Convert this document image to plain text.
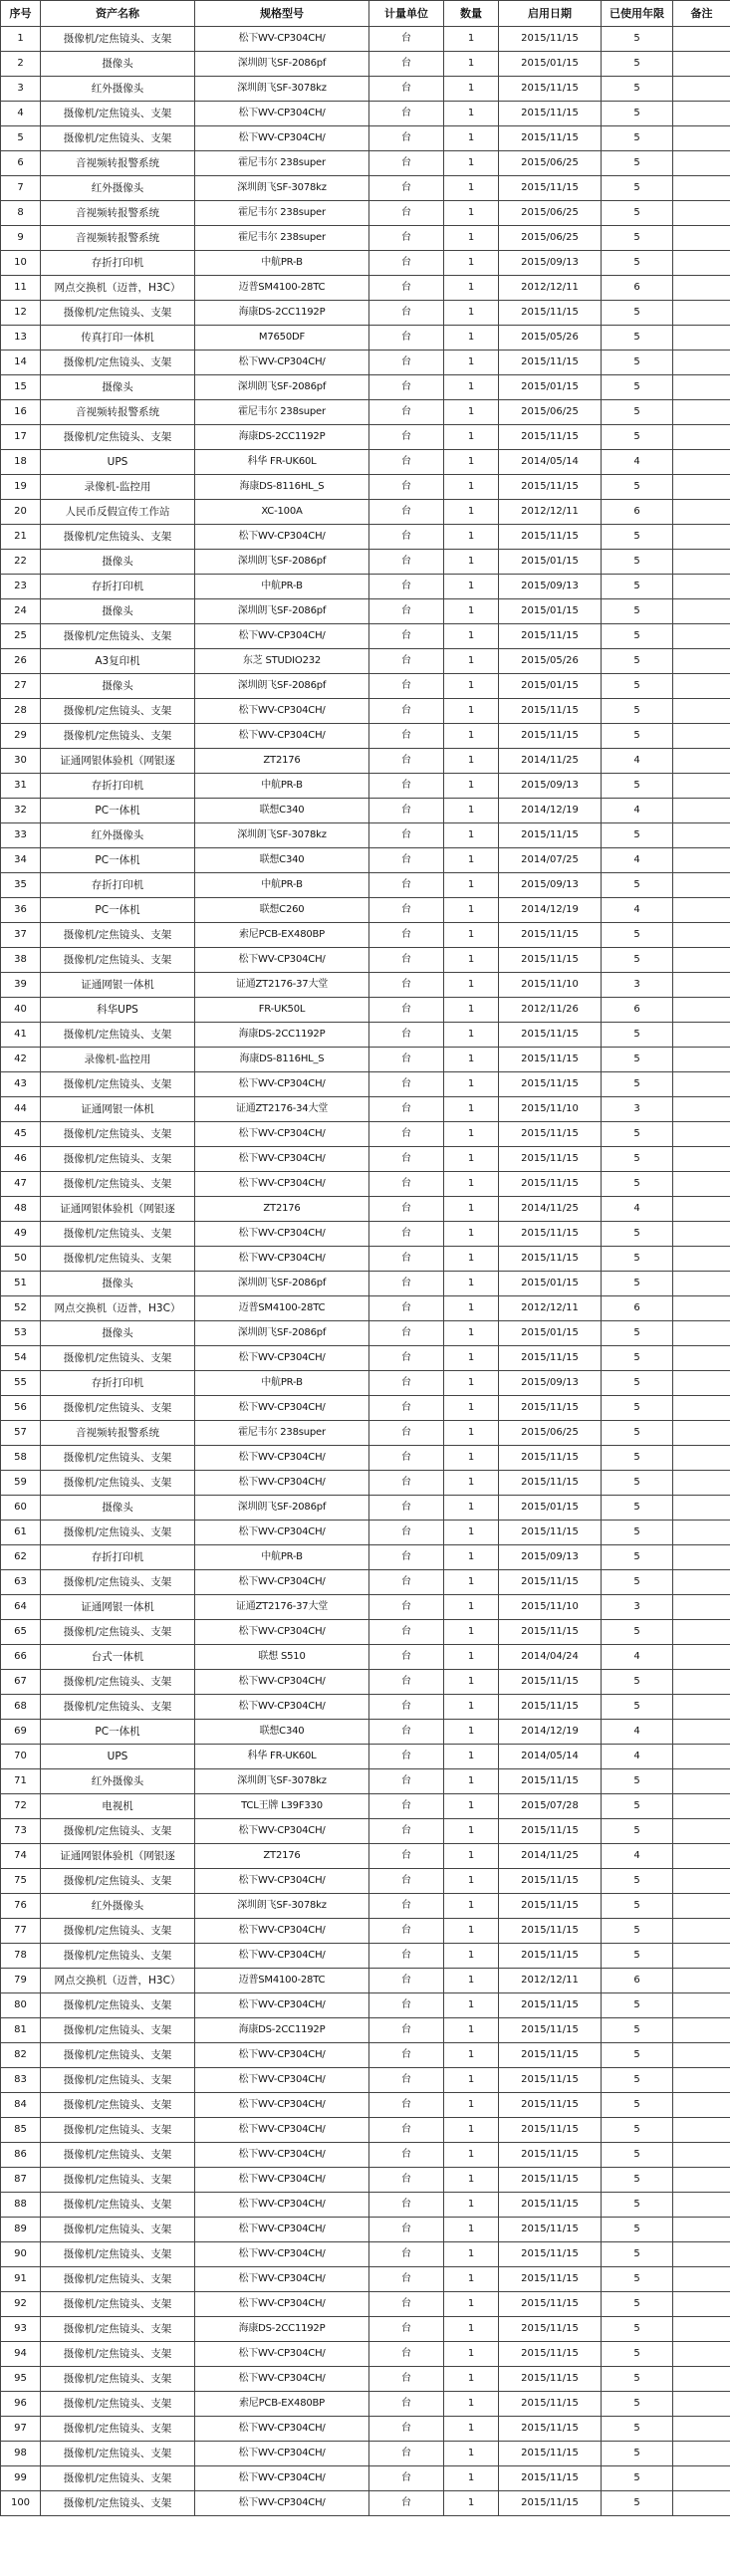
序号	资产名称	规格型号	计量单位	数量	启用日期	已使用年限	备注
1	摄像机/定焦镜头、支架	松下WV-CP304CH/	台	1	2015/11/15	5	
2	摄像头	深圳朗飞SF-2086pf	台	1	2015/01/15	5	
3	红外摄像头	深圳朗飞SF-3078kz	台	1	2015/11/15	5	
4	摄像机/定焦镜头、支架	松下WV-CP304CH/	台	1	2015/11/15	5	
5	摄像机/定焦镜头、支架	松下WV-CP304CH/	台	1	2015/11/15	5	
6	音视频转报警系统	霍尼韦尔 238super	台	1	2015/06/25	5	
7	红外摄像头	深圳朗飞SF-3078kz	台	1	2015/11/15	5	
8	音视频转报警系统	霍尼韦尔 238super	台	1	2015/06/25	5	
9	音视频转报警系统	霍尼韦尔 238super	台	1	2015/06/25	5	
10	存折打印机	中航PR-B	台	1	2015/09/13	5	
11	网点交换机（迈普，H3C）	迈普SM4100-28TC	台	1	2012/12/11	6	
12	摄像机/定焦镜头、支架	海康DS-2CC1192P	台	1	2015/11/15	5	
13	传真打印一体机	M7650DF	台	1	2015/05/26	5	
14	摄像机/定焦镜头、支架	松下WV-CP304CH/	台	1	2015/11/15	5	
15	摄像头	深圳朗飞SF-2086pf	台	1	2015/01/15	5	
16	音视频转报警系统	霍尼韦尔 238super	台	1	2015/06/25	5	
17	摄像机/定焦镜头、支架	海康DS-2CC1192P	台	1	2015/11/15	5	
18	UPS	科华 FR-UK60L	台	1	2014/05/14	4	
19	录像机-监控用	海康DS-8116HL_S	台	1	2015/11/15	5	
20	人民币反假宣传工作站	XC-100A	台	1	2012/12/11	6	
21	摄像机/定焦镜头、支架	松下WV-CP304CH/	台	1	2015/11/15	5	
22	摄像头	深圳朗飞SF-2086pf	台	1	2015/01/15	5	
23	存折打印机	中航PR-B	台	1	2015/09/13	5	
24	摄像头	深圳朗飞SF-2086pf	台	1	2015/01/15	5	
25	摄像机/定焦镜头、支架	松下WV-CP304CH/	台	1	2015/11/15	5	
26	A3复印机	东芝 STUDIO232	台	1	2015/05/26	5	
27	摄像头	深圳朗飞SF-2086pf	台	1	2015/01/15	5	
28	摄像机/定焦镜头、支架	松下WV-CP304CH/	台	1	2015/11/15	5	
29	摄像机/定焦镜头、支架	松下WV-CP304CH/	台	1	2015/11/15	5	
30	证通网银体验机（网银逐	ZT2176	台	1	2014/11/25	4	
31	存折打印机	中航PR-B	台	1	2015/09/13	5	
32	PC一体机	联想C340	台	1	2014/12/19	4	
33	红外摄像头	深圳朗飞SF-3078kz	台	1	2015/11/15	5	
34	PC一体机	联想C340	台	1	2014/07/25	4	
35	存折打印机	中航PR-B	台	1	2015/09/13	5	
36	PC一体机	联想C260	台	1	2014/12/19	4	
37	摄像机/定焦镜头、支架	索尼PCB-EX480BP	台	1	2015/11/15	5	
38	摄像机/定焦镜头、支架	松下WV-CP304CH/	台	1	2015/11/15	5	
39	证通网银一体机	证通ZT2176-37大堂	台	1	2015/11/10	3	
40	科华UPS	FR-UK50L	台	1	2012/11/26	6	
41	摄像机/定焦镜头、支架	海康DS-2CC1192P	台	1	2015/11/15	5	
42	录像机-监控用	海康DS-8116HL_S	台	1	2015/11/15	5	
43	摄像机/定焦镜头、支架	松下WV-CP304CH/	台	1	2015/11/15	5	
44	证通网银一体机	证通ZT2176-34大堂	台	1	2015/11/10	3	
45	摄像机/定焦镜头、支架	松下WV-CP304CH/	台	1	2015/11/15	5	
46	摄像机/定焦镜头、支架	松下WV-CP304CH/	台	1	2015/11/15	5	
47	摄像机/定焦镜头、支架	松下WV-CP304CH/	台	1	2015/11/15	5	
48	证通网银体验机（网银逐	ZT2176	台	1	2014/11/25	4	
49	摄像机/定焦镜头、支架	松下WV-CP304CH/	台	1	2015/11/15	5	
50	摄像机/定焦镜头、支架	松下WV-CP304CH/	台	1	2015/11/15	5	
51	摄像头	深圳朗飞SF-2086pf	台	1	2015/01/15	5	
52	网点交换机（迈普，H3C）	迈普SM4100-28TC	台	1	2012/12/11	6	
53	摄像头	深圳朗飞SF-2086pf	台	1	2015/01/15	5	
54	摄像机/定焦镜头、支架	松下WV-CP304CH/	台	1	2015/11/15	5	
55	存折打印机	中航PR-B	台	1	2015/09/13	5	
56	摄像机/定焦镜头、支架	松下WV-CP304CH/	台	1	2015/11/15	5	
57	音视频转报警系统	霍尼韦尔 238super	台	1	2015/06/25	5	
58	摄像机/定焦镜头、支架	松下WV-CP304CH/	台	1	2015/11/15	5	
59	摄像机/定焦镜头、支架	松下WV-CP304CH/	台	1	2015/11/15	5	
60	摄像头	深圳朗飞SF-2086pf	台	1	2015/01/15	5	
61	摄像机/定焦镜头、支架	松下WV-CP304CH/	台	1	2015/11/15	5	
62	存折打印机	中航PR-B	台	1	2015/09/13	5	
63	摄像机/定焦镜头、支架	松下WV-CP304CH/	台	1	2015/11/15	5	
64	证通网银一体机	证通ZT2176-37大堂	台	1	2015/11/10	3	
65	摄像机/定焦镜头、支架	松下WV-CP304CH/	台	1	2015/11/15	5	
66	台式一体机	联想 S510	台	1	2014/04/24	4	
67	摄像机/定焦镜头、支架	松下WV-CP304CH/	台	1	2015/11/15	5	
68	摄像机/定焦镜头、支架	松下WV-CP304CH/	台	1	2015/11/15	5	
69	PC一体机	联想C340	台	1	2014/12/19	4	
70	UPS	科华 FR-UK60L	台	1	2014/05/14	4	
71	红外摄像头	深圳朗飞SF-3078kz	台	1	2015/11/15	5	
72	电视机	TCL王牌 L39F330	台	1	2015/07/28	5	
73	摄像机/定焦镜头、支架	松下WV-CP304CH/	台	1	2015/11/15	5	
74	证通网银体验机（网银逐	ZT2176	台	1	2014/11/25	4	
75	摄像机/定焦镜头、支架	松下WV-CP304CH/	台	1	2015/11/15	5	
76	红外摄像头	深圳朗飞SF-3078kz	台	1	2015/11/15	5	
77	摄像机/定焦镜头、支架	松下WV-CP304CH/	台	1	2015/11/15	5	
78	摄像机/定焦镜头、支架	松下WV-CP304CH/	台	1	2015/11/15	5	
79	网点交换机（迈普，H3C）	迈普SM4100-28TC	台	1	2012/12/11	6	
80	摄像机/定焦镜头、支架	松下WV-CP304CH/	台	1	2015/11/15	5	
81	摄像机/定焦镜头、支架	海康DS-2CC1192P	台	1	2015/11/15	5	
82	摄像机/定焦镜头、支架	松下WV-CP304CH/	台	1	2015/11/15	5	
83	摄像机/定焦镜头、支架	松下WV-CP304CH/	台	1	2015/11/15	5	
84	摄像机/定焦镜头、支架	松下WV-CP304CH/	台	1	2015/11/15	5	
85	摄像机/定焦镜头、支架	松下WV-CP304CH/	台	1	2015/11/15	5	
86	摄像机/定焦镜头、支架	松下WV-CP304CH/	台	1	2015/11/15	5	
87	摄像机/定焦镜头、支架	松下WV-CP304CH/	台	1	2015/11/15	5	
88	摄像机/定焦镜头、支架	松下WV-CP304CH/	台	1	2015/11/15	5	
89	摄像机/定焦镜头、支架	松下WV-CP304CH/	台	1	2015/11/15	5	
90	摄像机/定焦镜头、支架	松下WV-CP304CH/	台	1	2015/11/15	5	
91	摄像机/定焦镜头、支架	松下WV-CP304CH/	台	1	2015/11/15	5	
92	摄像机/定焦镜头、支架	松下WV-CP304CH/	台	1	2015/11/15	5	
93	摄像机/定焦镜头、支架	海康DS-2CC1192P	台	1	2015/11/15	5	
94	摄像机/定焦镜头、支架	松下WV-CP304CH/	台	1	2015/11/15	5	
95	摄像机/定焦镜头、支架	松下WV-CP304CH/	台	1	2015/11/15	5	
96	摄像机/定焦镜头、支架	索尼PCB-EX480BP	台	1	2015/11/15	5	
97	摄像机/定焦镜头、支架	松下WV-CP304CH/	台	1	2015/11/15	5	
98	摄像机/定焦镜头、支架	松下WV-CP304CH/	台	1	2015/11/15	5	
99	摄像机/定焦镜头、支架	松下WV-CP304CH/	台	1	2015/11/15	5	
100	摄像机/定焦镜头、支架	松下WV-CP304CH/	台	1	2015/11/15	5	
